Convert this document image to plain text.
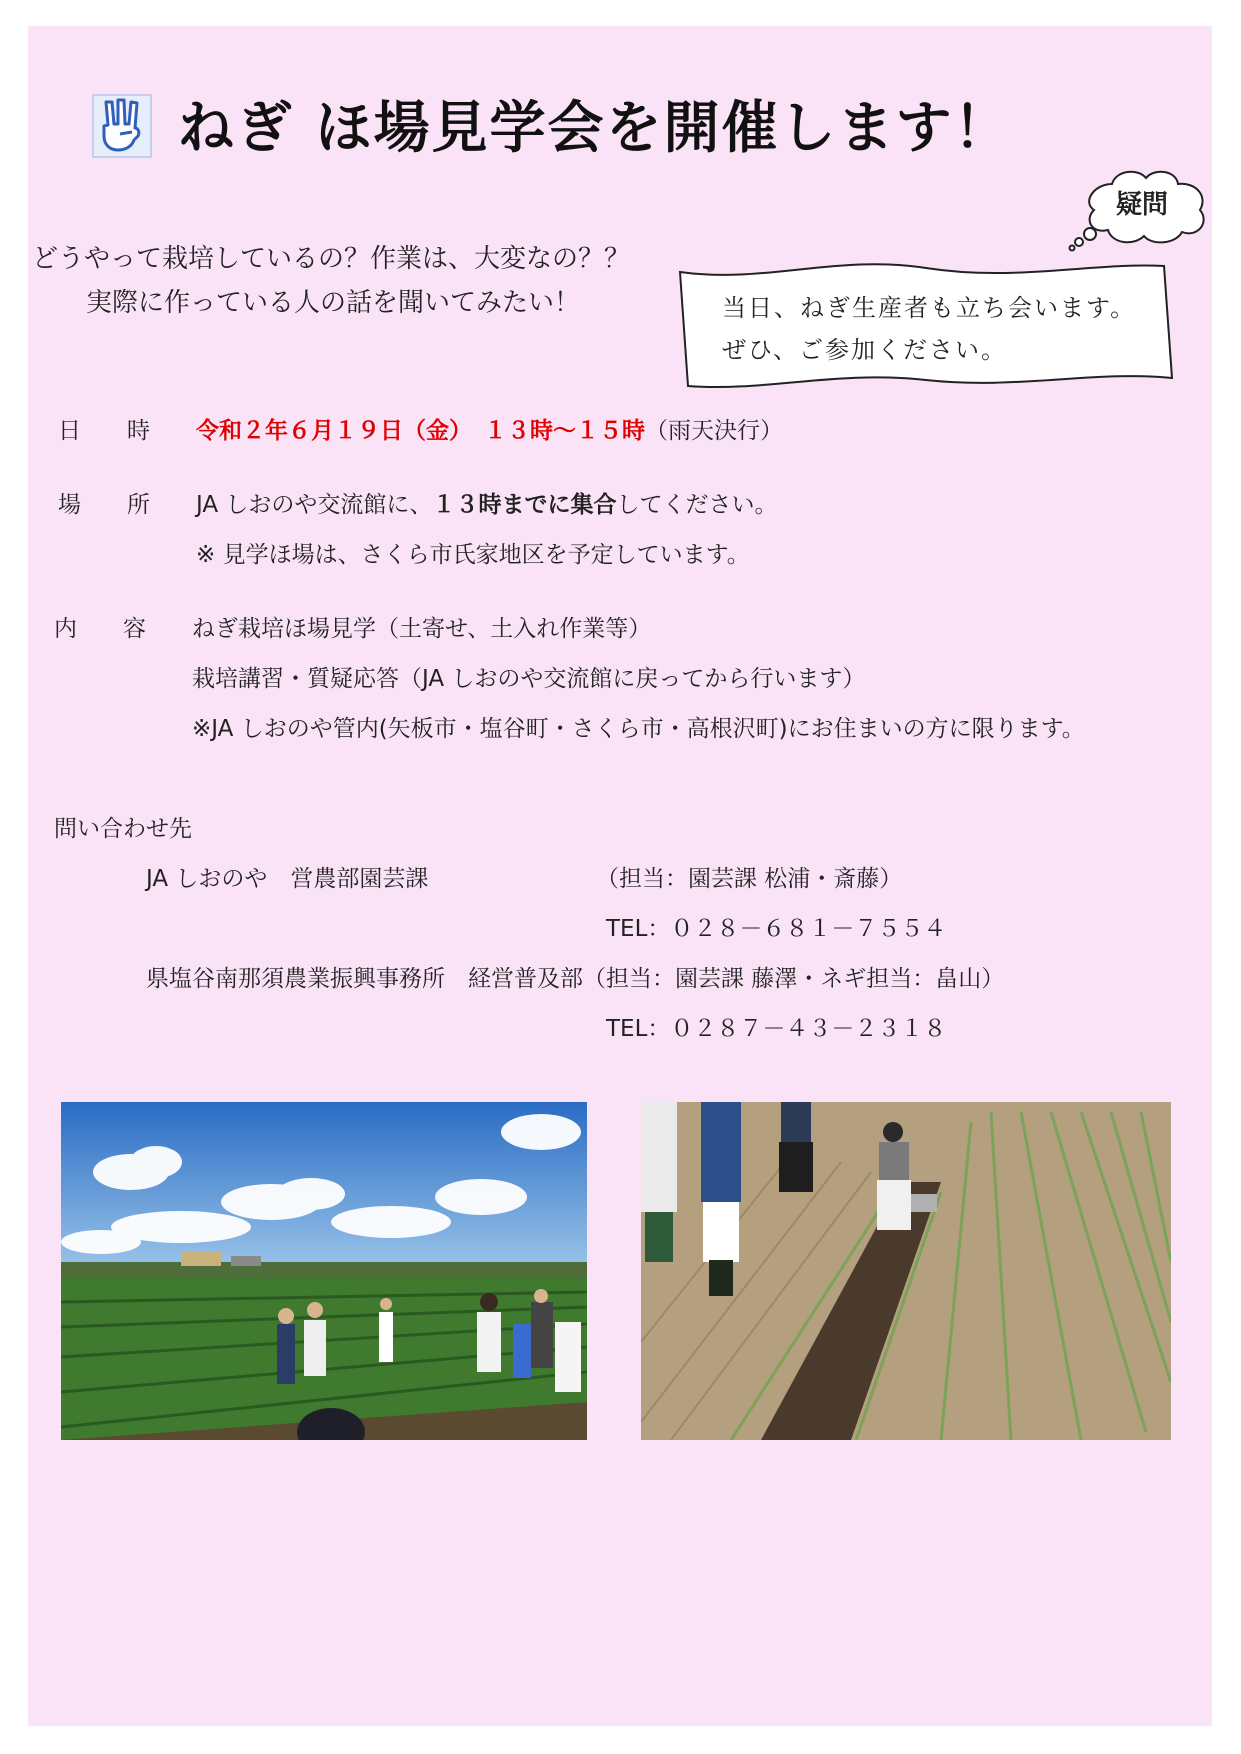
ねぎ ほ場見学会を開催します！
疑問
どうやって栽培しているの？作業は、大変なの？？
実際に作っている人の話を聞いてみたい！	当日、ねぎ生産者も立ち会います。
ぜひ、ご参加ください。
日 時 令和２年６月１９日（金） １３時～１５時（雨天決行）
場 所 JA しおのや交流館に、１３時までに集合してください。
※ 見学ほ場は、さくら市氏家地区を予定しています。
内 容 ねぎ栽培ほ場見学（土寄せ、土入れ作業等）
栽培講習・質疑応答（JA しおのや交流館に戻ってから行います）
※JA しおのや管内(矢板市・塩谷町・さくら市・高根沢町)にお住まいの方に限ります。
問い合わせ先
JA しおのや　営農部園芸課	（担当：園芸課 松浦・斎藤）
TEL：０２８－６８１－７５５４
県塩谷南那須農業振興事務所　経営普及部（担当：園芸課 藤澤・ネギ担当：畠山）
TEL：０２８７－４３－２３１８
